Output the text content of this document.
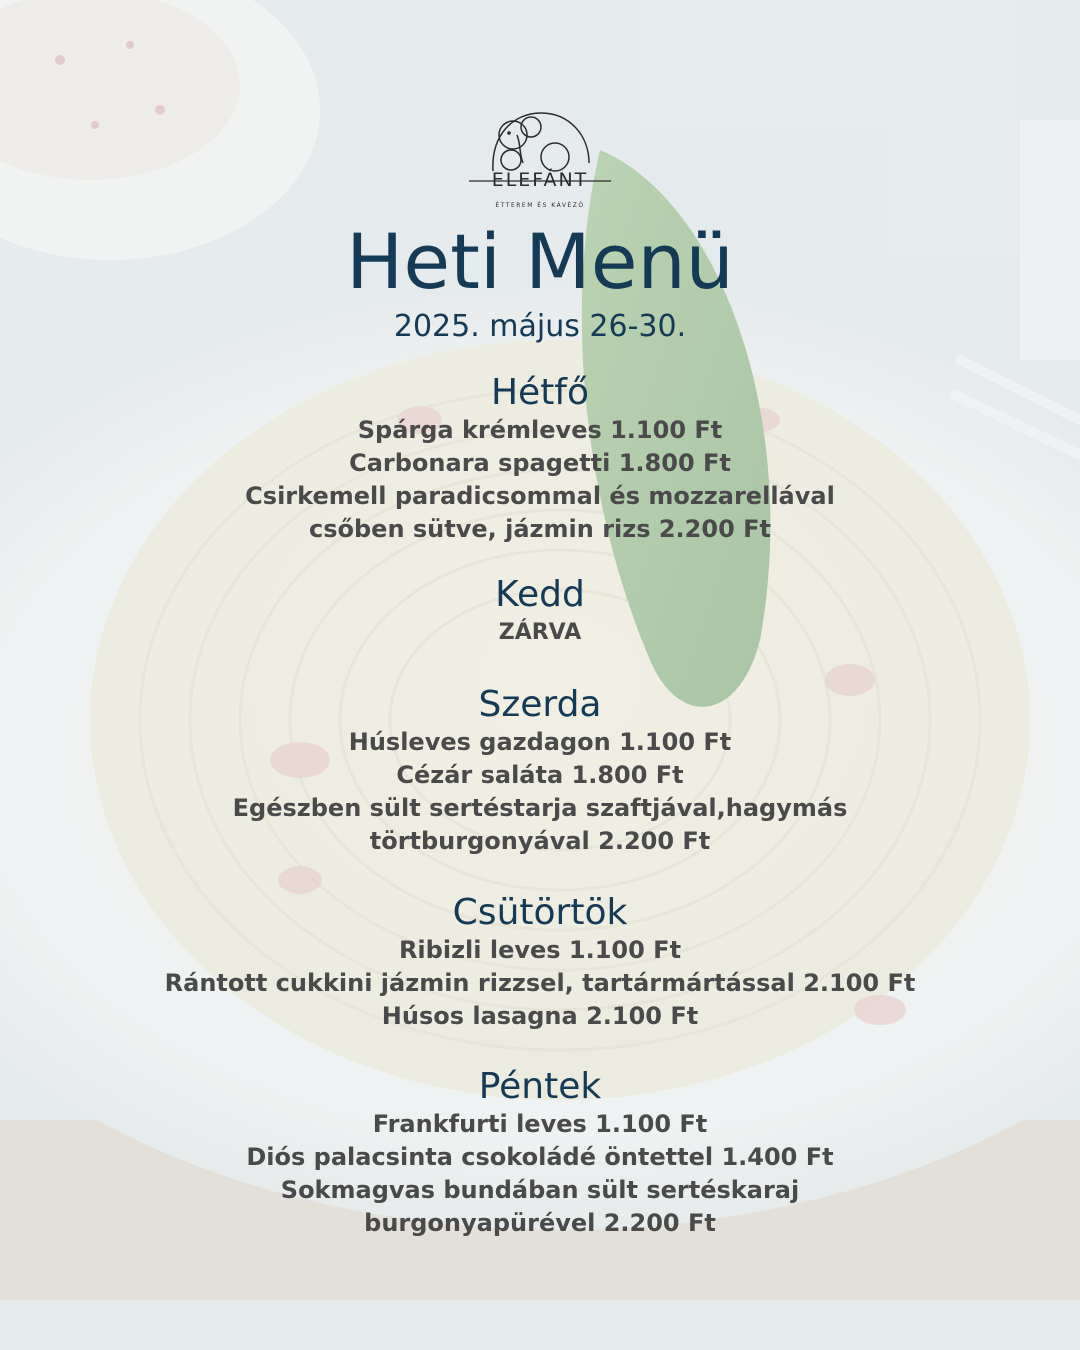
ELEFÁNT
ÉTTEREM ÉS KÁVÉZÓ
Heti Menü
2025. május 26-30.
Hétfő
Spárga krémleves 1.100 Ft
Carbonara spagetti 1.800 Ft
Csirkemell paradicsommal és mozzarellával
csőben sütve, jázmin rizs 2.200 Ft
Kedd
ZÁRVA
Szerda
Húsleves gazdagon 1.100 Ft
Cézár saláta 1.800 Ft
Egészben sült sertéstarja szaftjával,hagymás
törtburgonyával 2.200 Ft
Csütörtök
Ribizli leves 1.100 Ft
Rántott cukkini jázmin rizzsel, tartármártással 2.100 Ft
Húsos lasagna 2.100 Ft
Péntek
Frankfurti leves 1.100 Ft
Diós palacsinta csokoládé öntettel 1.400 Ft
Sokmagvas bundában sült sertéskaraj
burgonyapürével 2.200 Ft
